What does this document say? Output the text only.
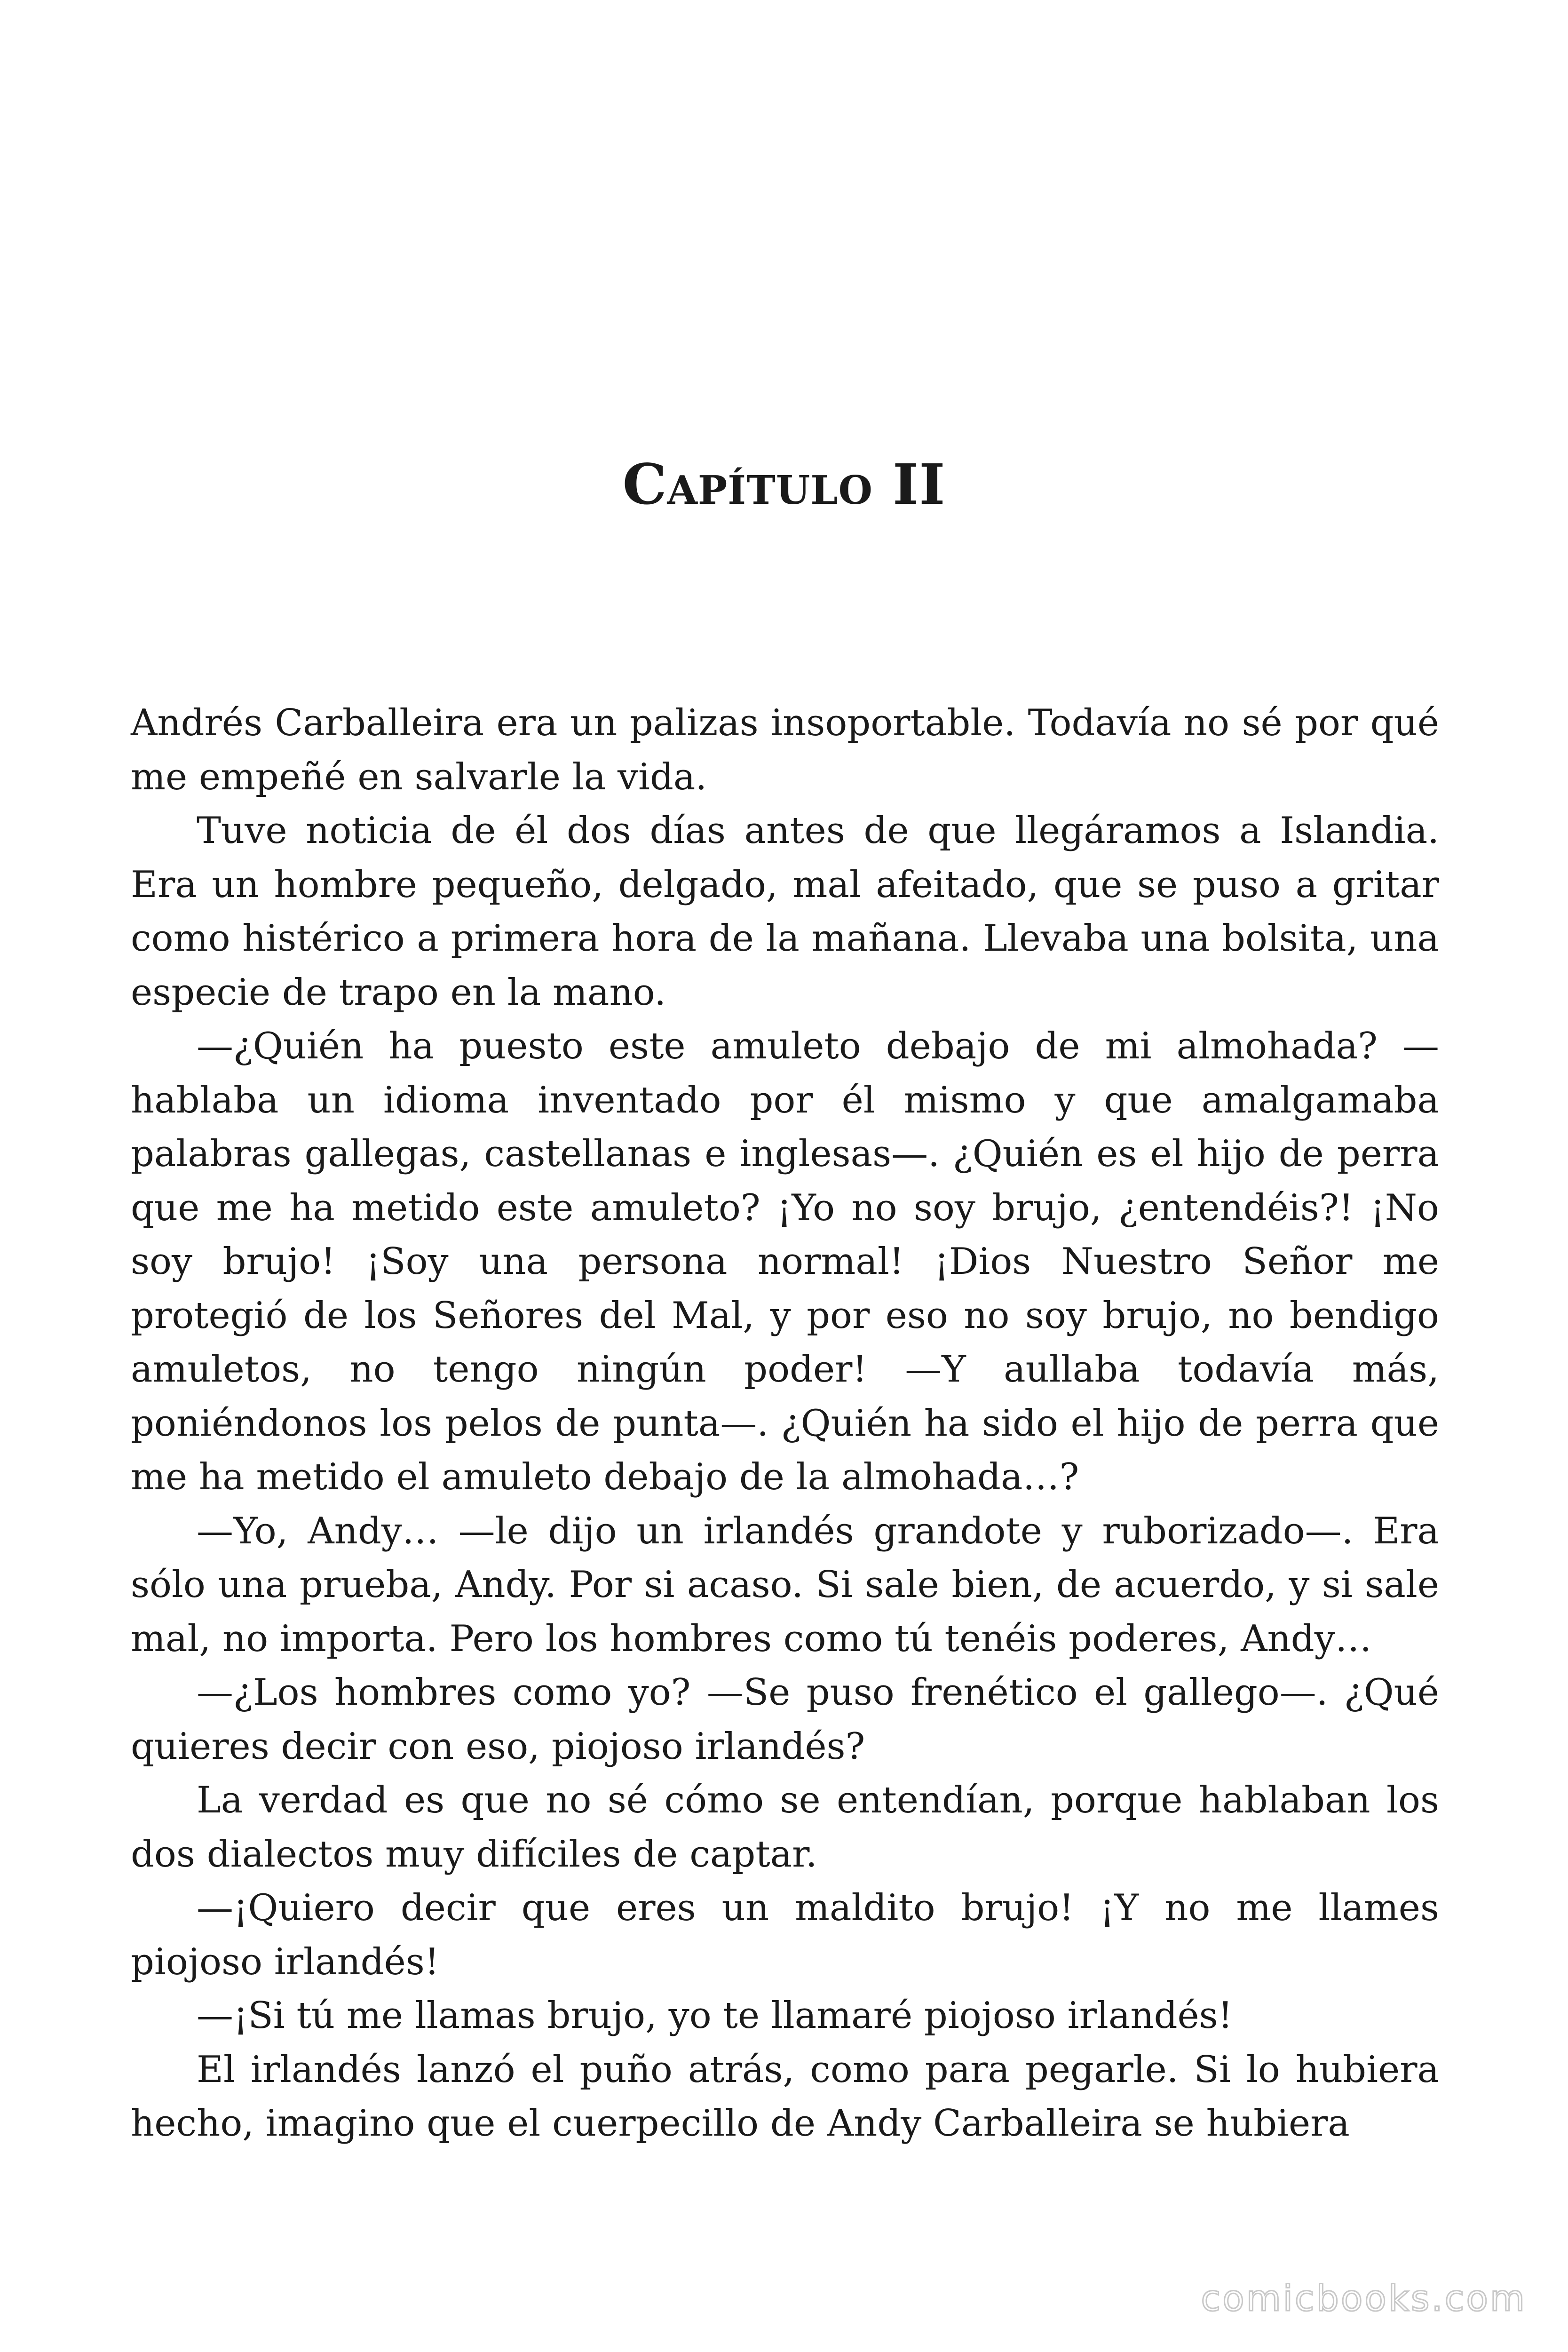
Capítulo II

Andrés Carballeira era un palizas insoportable. Todavía no sé por qué me empeñé en salvarle la vida.

Tuve noticia de él dos días antes de que llegáramos a Islandia. Era un hombre pequeño, delgado, mal afeitado, que se puso a gritar como histérico a primera hora de la mañana. Llevaba una bolsita, una especie de trapo en la mano.

—¿Quién ha puesto este amuleto debajo de mi almohada? —hablaba un idioma inventado por él mismo y que amalgamaba palabras gallegas, castellanas e inglesas—. ¿Quién es el hijo de perra que me ha metido este amuleto? ¡Yo no soy brujo, ¿entendéis?! ¡No soy brujo! ¡Soy una persona normal! ¡Dios Nuestro Señor me protegió de los Señores del Mal, y por eso no soy brujo, no bendigo amuletos, no tengo ningún poder! —Y aullaba todavía más, poniéndonos los pelos de punta—. ¿Quién ha sido el hijo de perra que me ha metido el amuleto debajo de la almohada…?

—Yo, Andy… —le dijo un irlandés grandote y ruborizado—. Era sólo una prueba, Andy. Por si acaso. Si sale bien, de acuerdo, y si sale mal, no importa. Pero los hombres como tú tenéis poderes, Andy…

—¿Los hombres como yo? —Se puso frenético el gallego—. ¿Qué quieres decir con eso, piojoso irlandés?

La verdad es que no sé cómo se entendían, porque hablaban los dos dialectos muy difíciles de captar.

—¡Quiero decir que eres un maldito brujo! ¡Y no me llames piojoso irlandés!

—¡Si tú me llamas brujo, yo te llamaré piojoso irlandés!

El irlandés lanzó el puño atrás, como para pegarle. Si lo hubiera hecho, imagino que el cuerpecillo de Andy Carballeira se hubiera

comicbooks.com
